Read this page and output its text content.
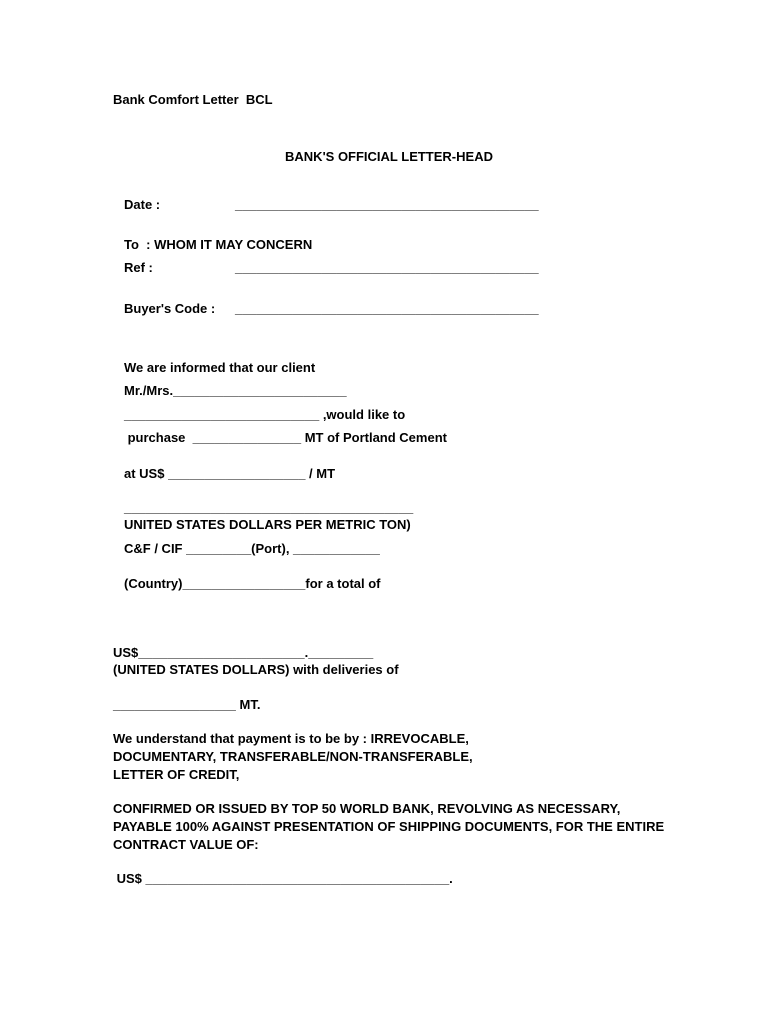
Bank Comfort Letter  BCL
BANK'S OFFICIAL LETTER-HEAD
Date :	__________________________________________
To  : WHOM IT MAY CONCERN
Ref :	__________________________________________
Buyer's Code : __________________________________________
We are informed that our client
Mr./Mrs.________________________
___________________________ ,would like to
purchase  _______________ MT of Portland Cement
at US$ ___________________ / MT
________________________________________
UNITED STATES DOLLARS PER METRIC TON)
C&F / CIF _________(Port), ____________
(Country)_________________for a total of
US$_______________________._________
(UNITED STATES DOLLARS) with deliveries of
_________________ MT.
We understand that payment is to be by : IRREVOCABLE,
DOCUMENTARY, TRANSFERABLE/NON-TRANSFERABLE,
LETTER OF CREDIT,
CONFIRMED OR ISSUED BY TOP 50 WORLD BANK, REVOLVING AS NECESSARY,
PAYABLE 100% AGAINST PRESENTATION OF SHIPPING DOCUMENTS, FOR THE ENTIRE
CONTRACT VALUE OF:
US$ __________________________________________.
